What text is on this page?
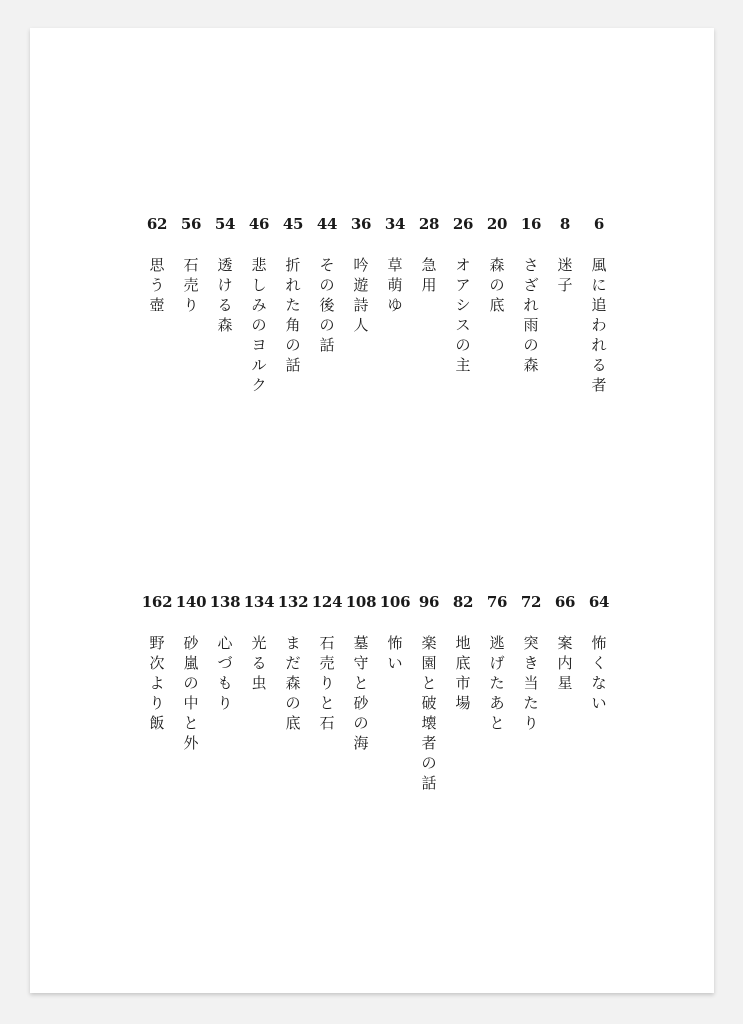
6
風
に
追
わ
れ
る
者
8
迷
子
16
さ
ざ
れ
雨
の
森
20
森
の
底
26
オ
ア
シ
ス
の
主
28
急
用
34
草
萌
ゆ
36
吟
遊
詩
人
44
そ
の
後
の
話
45
折
れ
た
角
の
話
46
悲
し
み
の
ヨ
ル
ク
54
透
け
る
森
56
石
売
り
62
思
う
壺
64
怖
く
な
い
66
案
内
星
72
突
き
当
た
り
76
逃
げ
た
あ
と
82
地
底
市
場
96
楽
園
と
破
壊
者
の
話
106
怖
い
108
墓
守
と
砂
の
海
124
石
売
り
と
石
132
ま
だ
森
の
底
134
光
る
虫
138
心
づ
も
り
140
砂
嵐
の
中
と
外
162
野
次
よ
り
飯
